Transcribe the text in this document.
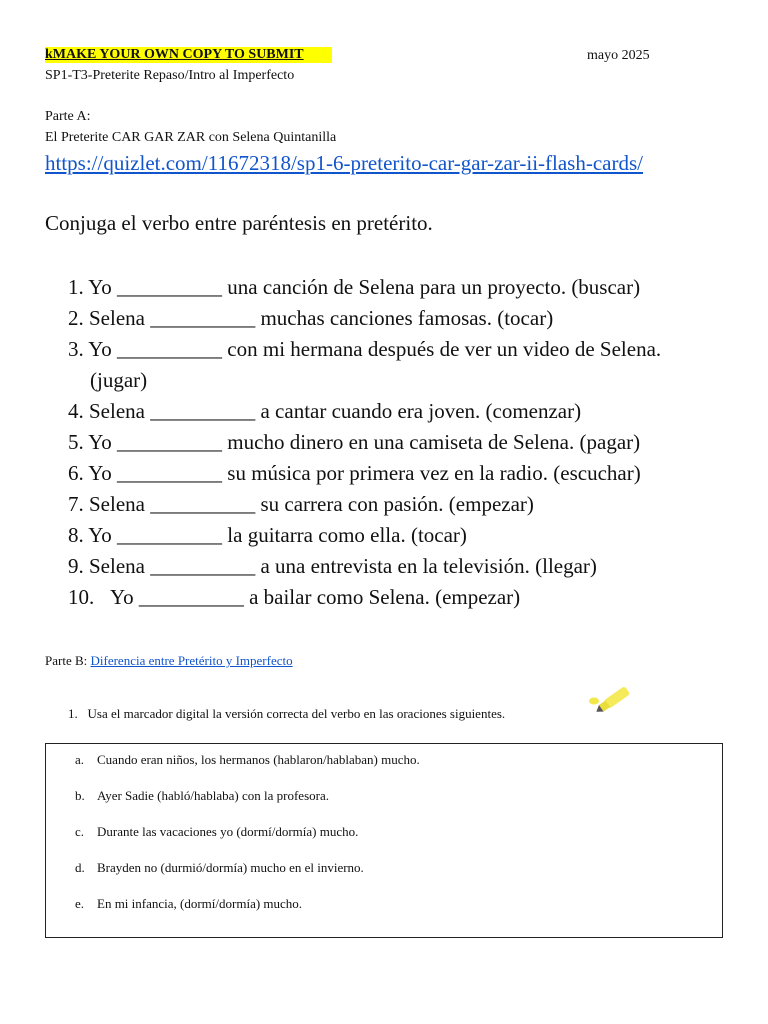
kMAKE YOUR OWN COPY TO SUBMIT	mayo 2025
SP1-T3-Preterite Repaso/Intro al Imperfecto
Parte A:
El Preterite CAR GAR ZAR con Selena Quintanilla
https://quizlet.com/11672318/sp1-6-preterito-car-gar-zar-ii-flash-cards/
Conjuga el verbo entre paréntesis en pretérito.
1. Yo __________ una canción de Selena para un proyecto. (buscar)
2. Selena __________ muchas canciones famosas. (tocar)
3. Yo __________ con mi hermana después de ver un video de Selena.
(jugar)
4. Selena __________ a cantar cuando era joven. (comenzar)
5. Yo __________ mucho dinero en una camiseta de Selena. (pagar)
6. Yo __________ su música por primera vez en la radio. (escuchar)
7. Selena __________ su carrera con pasión. (empezar)
8. Yo __________ la guitarra como ella. (tocar)
9. Selena __________ a una entrevista en la televisión. (llegar)
10. Yo __________ a bailar como Selena. (empezar)
Parte B: Diferencia entre Pretérito y Imperfecto
1. Usa el marcador digital la versión correcta del verbo en las oraciones siguientes.
a. Cuando eran niños, los hermanos (hablaron/hablaban) mucho.
b. Ayer Sadie (habló/hablaba) con la profesora.
c. Durante las vacaciones yo (dormí/dormía) mucho.
d. Brayden no (durmió/dormía) mucho en el invierno.
e. En mi infancia, (dormí/dormía) mucho.
